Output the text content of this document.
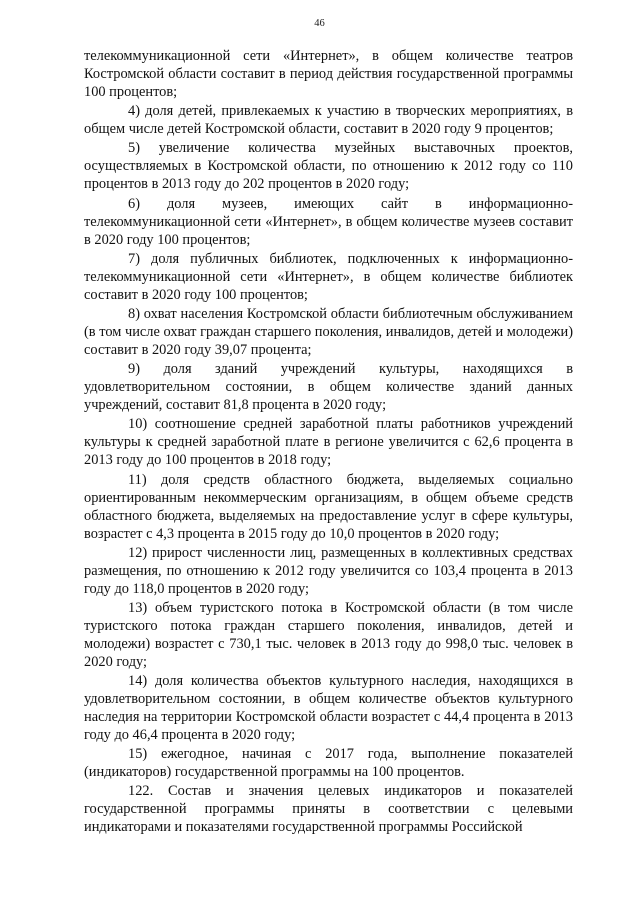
46

телекоммуникационной сети «Интернет», в общем количестве театров Костромской области составит в период действия государственной программы 100 процентов;

4) доля детей, привлекаемых к участию в творческих мероприятиях, в общем числе детей Костромской области, составит в 2020 году 9 процентов;

5) увеличение количества музейных выставочных проектов, осуществляемых в Костромской области, по отношению к 2012 году со 110 процентов в 2013 году до 202 процентов в 2020 году;

6) доля музеев, имеющих сайт в информационно-телекоммуникационной сети «Интернет», в общем количестве музеев составит в 2020 году 100 процентов;

7) доля публичных библиотек, подключенных к информационно-телекоммуникационной сети «Интернет», в общем количестве библиотек составит в 2020 году 100 процентов;

8) охват населения Костромской области библиотечным обслуживанием (в том числе охват граждан старшего поколения, инвалидов, детей и молодежи) составит в 2020 году 39,07 процента;

9) доля зданий учреждений культуры, находящихся в удовлетворительном состоянии, в общем количестве зданий данных учреждений, составит 81,8 процента в 2020 году;

10) соотношение средней заработной платы работников учреждений культуры к средней заработной плате в регионе увеличится с 62,6 процента в 2013 году до 100 процентов в 2018 году;

11) доля средств областного бюджета, выделяемых социально ориентированным некоммерческим организациям, в общем объеме средств областного бюджета, выделяемых на предоставление услуг в сфере культуры, возрастет с 4,3 процента в 2015 году до 10,0 процентов в 2020 году;

12) прирост численности лиц, размещенных в коллективных средствах размещения, по отношению к 2012 году увеличится со 103,4 процента в 2013 году до 118,0 процентов в 2020 году;

13) объем туристского потока в Костромской области (в том числе туристского потока граждан старшего поколения, инвалидов, детей и молодежи) возрастет с 730,1 тыс. человек в 2013 году до 998,0 тыс. человек в 2020 году;

14) доля количества объектов культурного наследия, находящихся в удовлетворительном состоянии, в общем количестве объектов культурного наследия на территории Костромской области возрастет с 44,4 процента в 2013 году до 46,4 процента в 2020 году;

15) ежегодное, начиная с 2017 года, выполнение показателей (индикаторов) государственной программы на 100 процентов.

122. Состав и значения целевых индикаторов и показателей государственной программы приняты в соответствии с целевыми индикаторами и показателями государственной программы Российской
